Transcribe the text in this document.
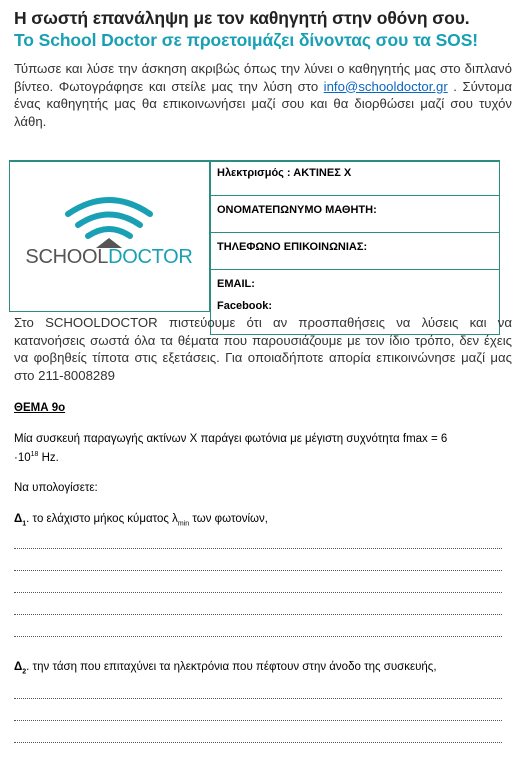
Η σωστή επανάληψη με τον καθηγητή στην οθόνη σου.
Το School Doctor σε προετοιμάζει δίνοντας σου τα SOS!
Τύπωσε και λύσε την άσκηση ακριβώς όπως την λύνει ο καθηγητής μας στο διπλανό βίντεο. Φωτογράφησε και στείλε μας την λύση στο info@schooldoctor.gr . Σύντομα ένας καθηγητής μας θα επικοινωνήσει μαζί σου και θα διορθώσει μαζί σου τυχόν λάθη.
SCHOOLDOCTOR
Ηλεκτρισμός : ΑΚΤΙΝΕΣ Χ
ΟΝΟΜΑΤΕΠΩΝΥΜΟ ΜΑΘΗΤΗ:
ΤΗΛΕΦΩΝΟ ΕΠΙΚΟΙΝΩΝΙΑΣ:
EMAIL:
Facebook:
Στο SCHOOLDOCTOR πιστεύουμε ότι αν προσπαθήσεις να λύσεις και να κατανοήσεις σωστά όλα τα θέματα που παρουσιάζουμε με τον ίδιο τρόπο, δεν έχεις να φοβηθείς τίποτα στις εξετάσεις. Για οποιαδήποτε απορία επικοινώνησε μαζί μας στο 211-8008289
ΘΕΜΑ 9ο
Μία συσκευή παραγωγής ακτίνων Χ παράγει φωτόνια με μέγιστη συχνότητα fmax = 6
$\cdot 10^{18}$ Hz.
Να υπολογίσετε:
$\Delta_1$. το ελάχιστο μήκος κύματος $\lambda_{min}$ των φωτονίων,
$\Delta_2$. την τάση που επιταχύνει τα ηλεκτρόνια που πέφτουν στην άνοδο της συσκευής,
